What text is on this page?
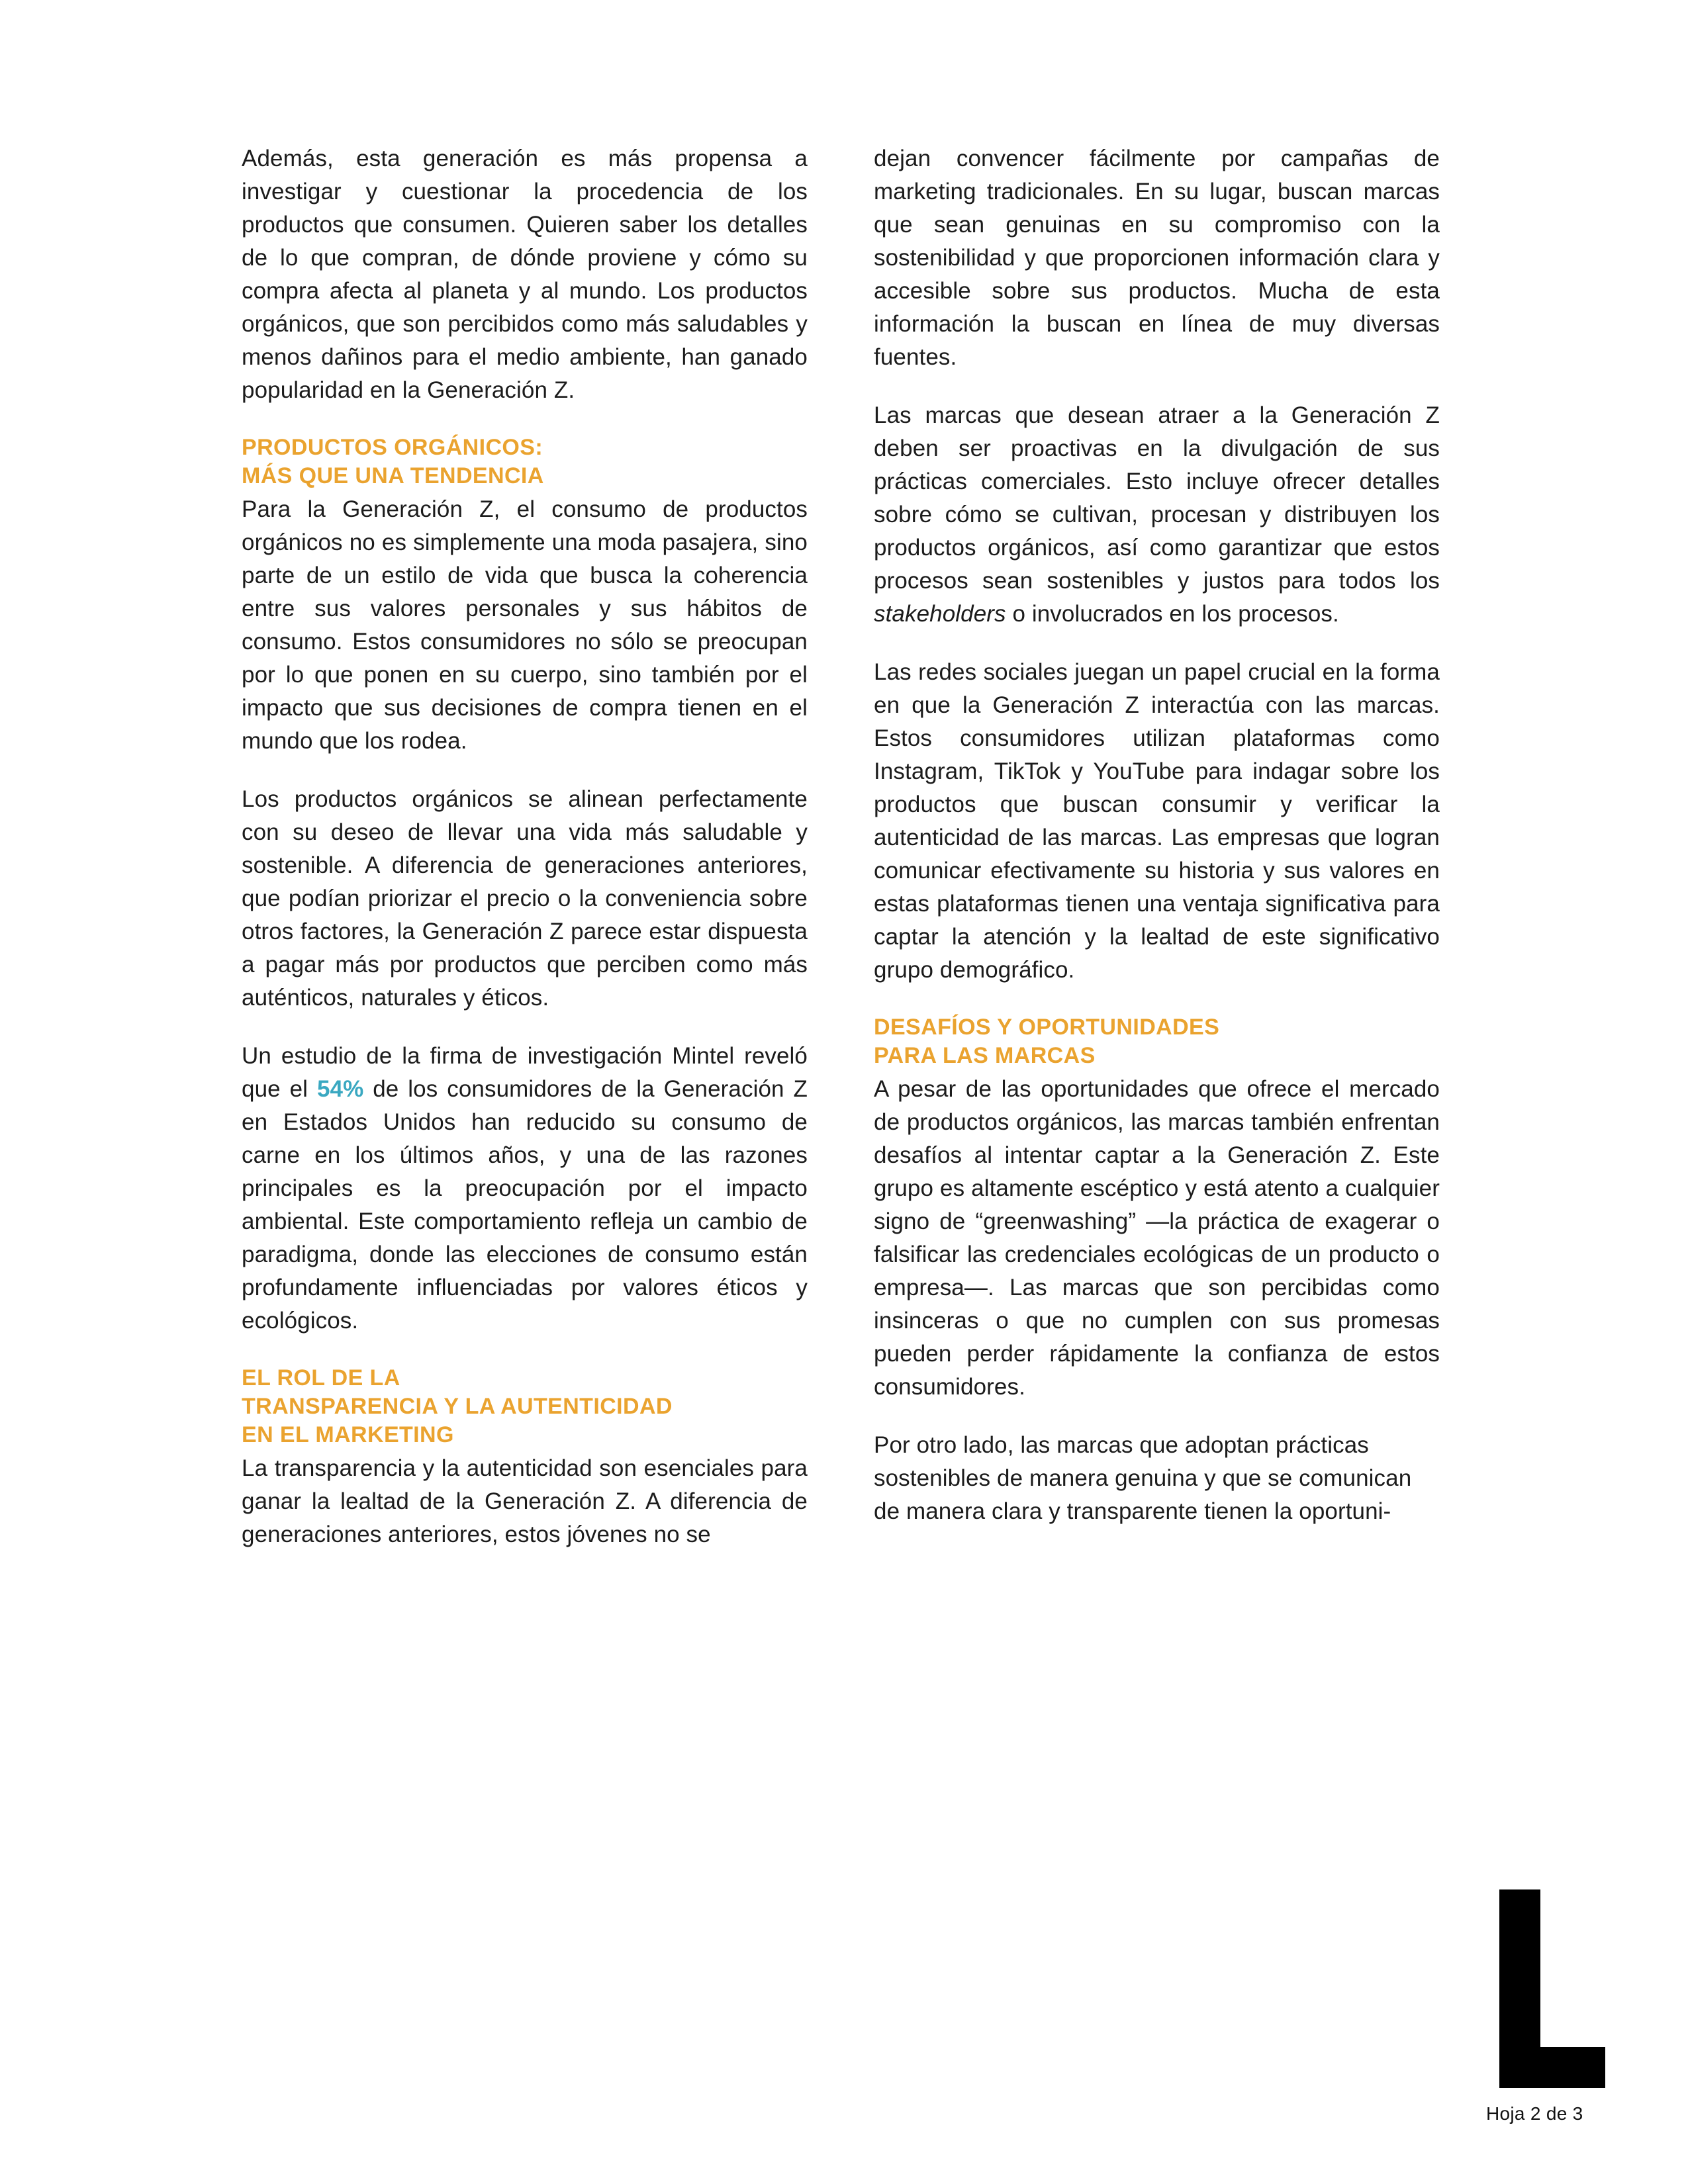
Además, esta generación es más propensa a investigar y cuestionar la procedencia de los productos que consumen. Quieren saber los detalles de lo que compran, de dónde proviene y cómo su compra afecta al planeta y al mundo. Los productos orgánicos, que son percibidos como más saludables y menos dañinos para el medio ambiente, han ganado popularidad en la Generación Z.

PRODUCTOS ORGÁNICOS:
MÁS QUE UNA TENDENCIA

Para la Generación Z, el consumo de productos orgánicos no es simplemente una moda pasajera, sino parte de un estilo de vida que busca la coherencia entre sus valores personales y sus hábitos de consumo. Estos consumidores no sólo se preocupan por lo que ponen en su cuerpo, sino también por el impacto que sus decisiones de compra tienen en el mundo que los rodea.

Los productos orgánicos se alinean perfectamente con su deseo de llevar una vida más saludable y sostenible. A diferencia de generaciones anteriores, que podían priorizar el precio o la conveniencia sobre otros factores, la Generación Z parece estar dispuesta a pagar más por productos que perciben como más auténticos, naturales y éticos.

Un estudio de la firma de investigación Mintel reveló que el 54% de los consumidores de la Generación Z en Estados Unidos han reducido su consumo de carne en los últimos años, y una de las razones principales es la preocupación por el impacto ambiental. Este comportamiento refleja un cambio de paradigma, donde las elecciones de consumo están profundamente influenciadas por valores éticos y ecológicos.

EL ROL DE LA
TRANSPARENCIA Y LA AUTENTICIDAD
EN EL MARKETING

La transparencia y la autenticidad son esenciales para ganar la lealtad de la Generación Z. A diferencia de generaciones anteriores, estos jóvenes no se

dejan convencer fácilmente por campañas de marketing tradicionales. En su lugar, buscan marcas que sean genuinas en su compromiso con la sostenibilidad y que proporcionen información clara y accesible sobre sus productos. Mucha de esta información la buscan en línea de muy diversas fuentes.

Las marcas que desean atraer a la Generación Z deben ser proactivas en la divulgación de sus prácticas comerciales. Esto incluye ofrecer detalles sobre cómo se cultivan, procesan y distribuyen los productos orgánicos, así como garantizar que estos procesos sean sostenibles y justos para todos los stakeholders o involucrados en los procesos.

Las redes sociales juegan un papel crucial en la forma en que la Generación Z interactúa con las marcas. Estos consumidores utilizan plataformas como Instagram, TikTok y YouTube para indagar sobre los productos que buscan consumir y verificar la autenticidad de las marcas. Las empresas que logran comunicar efectivamente su historia y sus valores en estas plataformas tienen una ventaja significativa para captar la atención y la lealtad de este significativo grupo demográfico.

DESAFÍOS Y OPORTUNIDADES
PARA LAS MARCAS

A pesar de las oportunidades que ofrece el mercado de productos orgánicos, las marcas también enfrentan desafíos al intentar captar a la Generación Z. Este grupo es altamente escéptico y está atento a cualquier signo de “greenwashing” —la práctica de exagerar o falsificar las credenciales ecológicas de un producto o empresa—. Las marcas que son percibidas como insinceras o que no cumplen con sus promesas pueden perder rápidamente la confianza de estos consumidores.

Por otro lado, las marcas que adoptan prácticas sostenibles de manera genuina y que se comunican de manera clara y transparente tienen la oportuni-

Hoja 2 de 3
